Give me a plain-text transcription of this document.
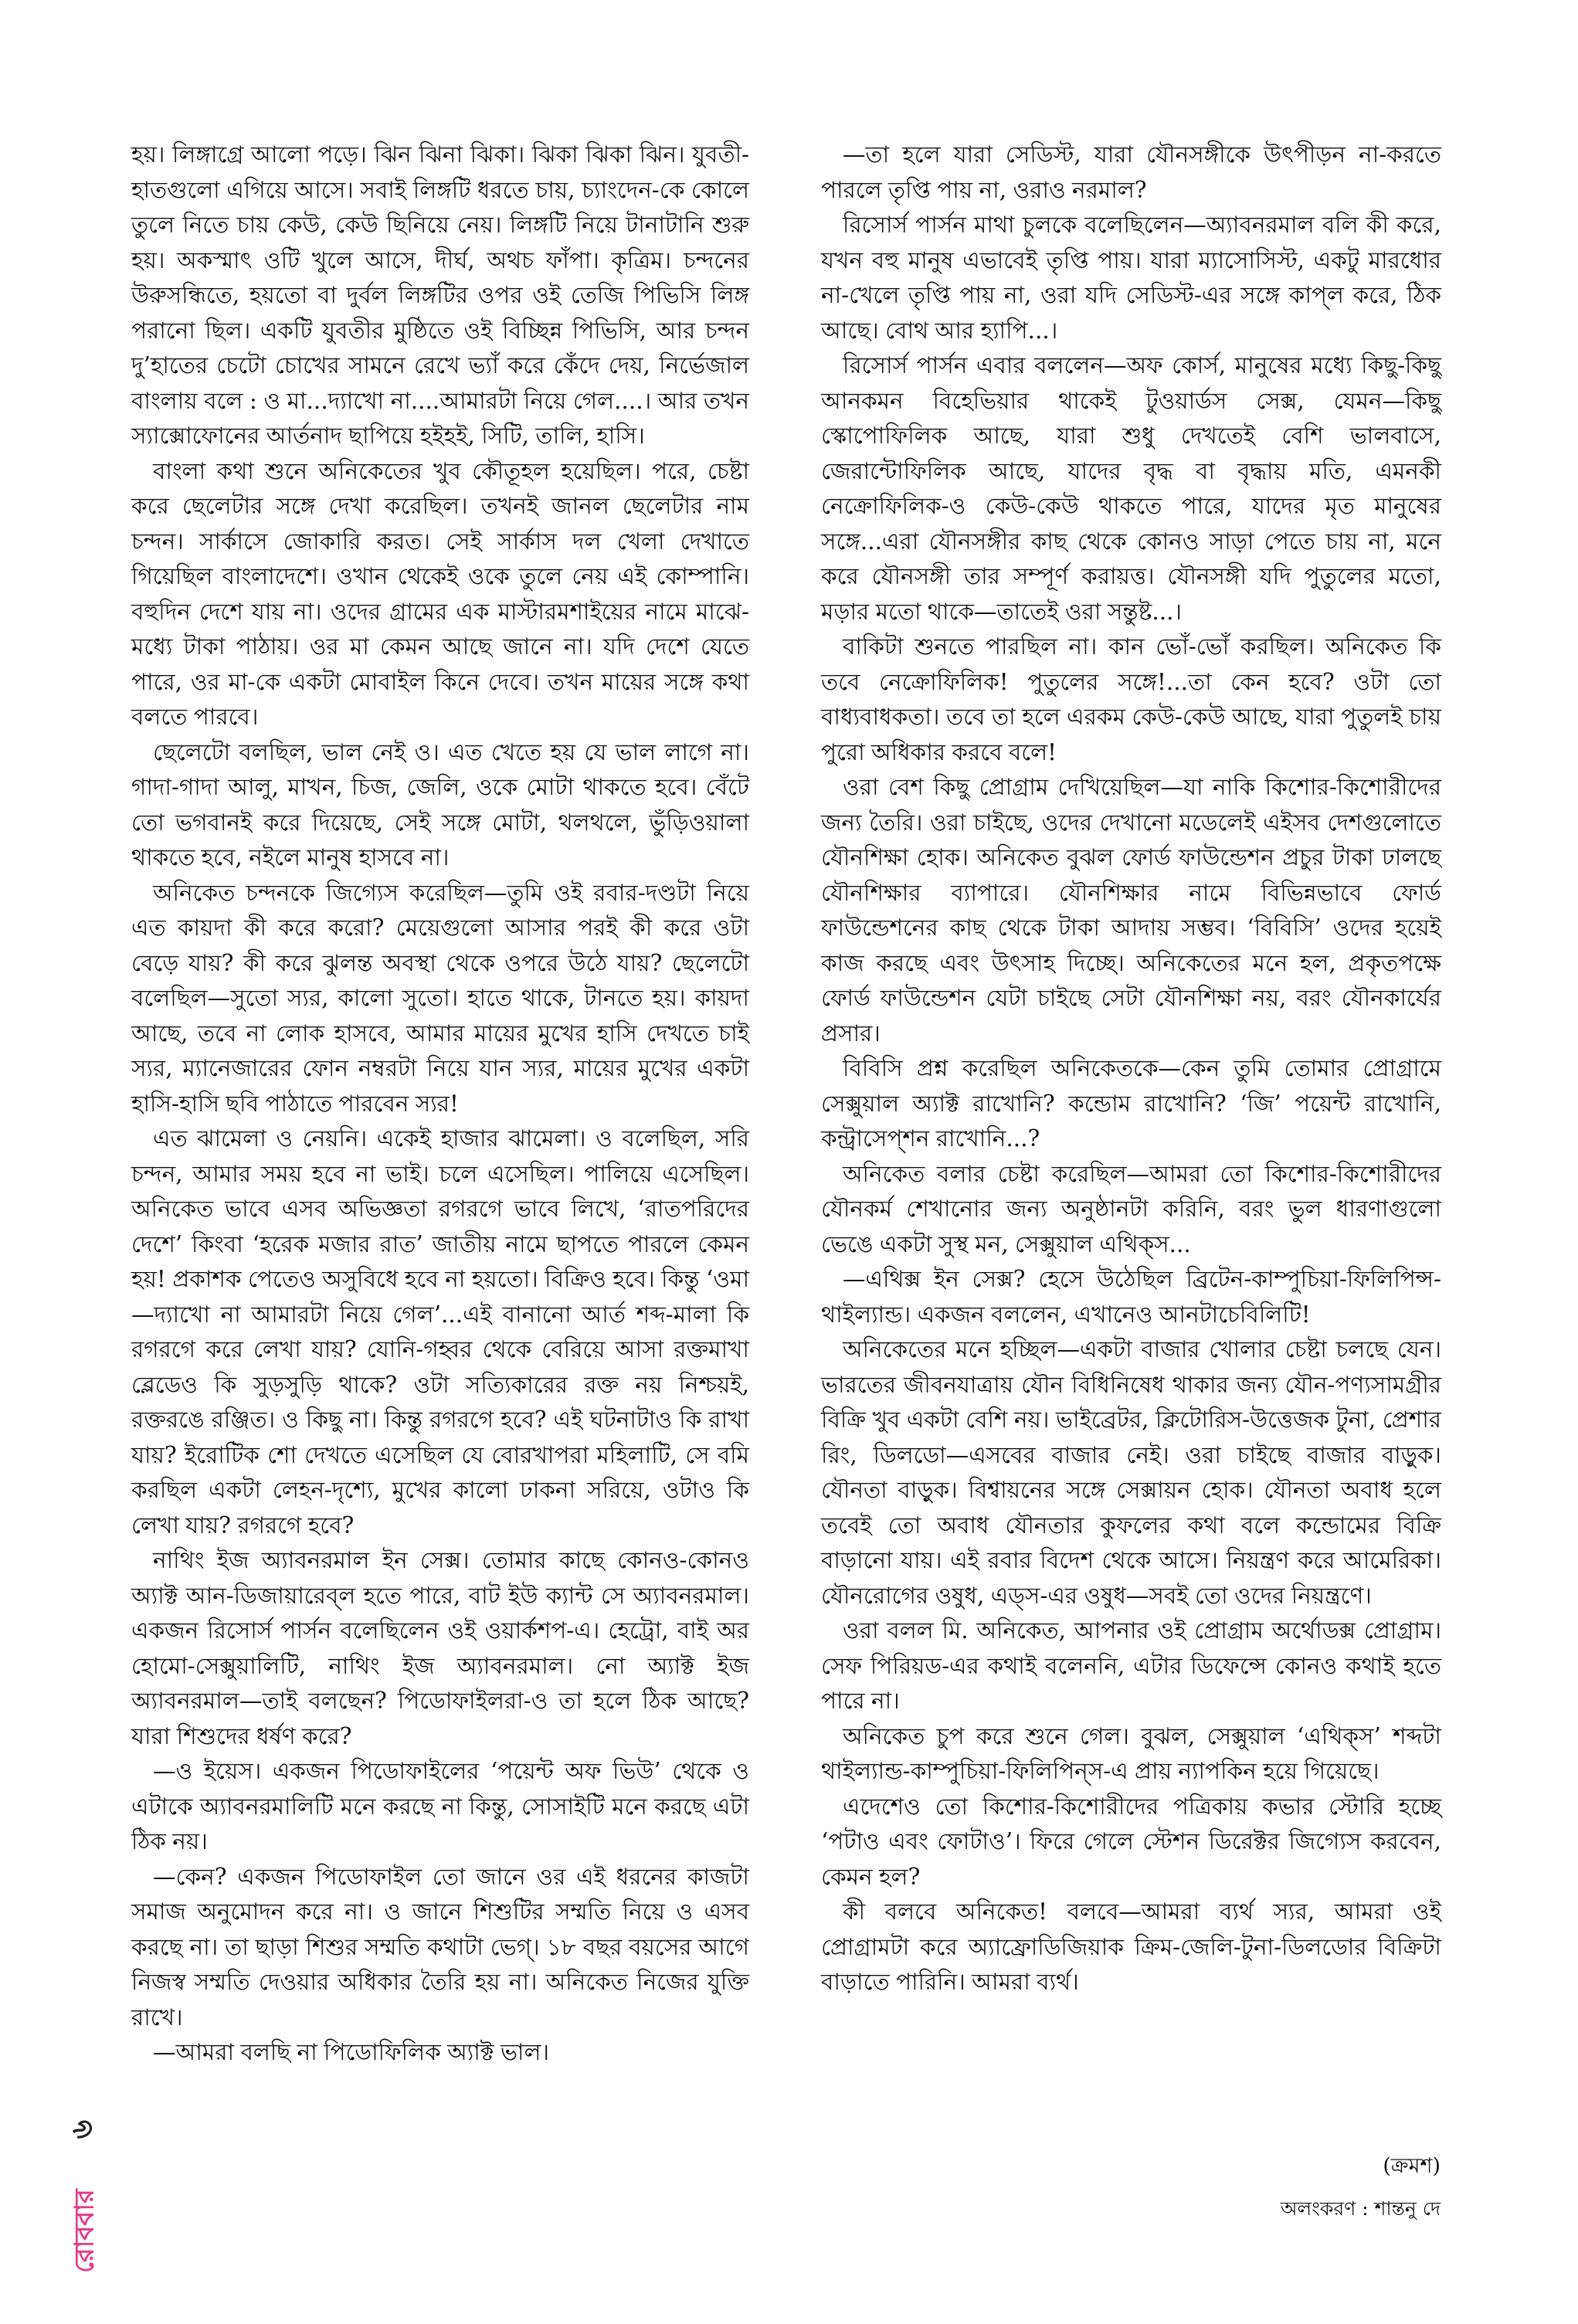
হয়। লিঙ্গাগ্রে আলো পড়ে। ঝিন ঝিনা ঝিকা। ঝিকা ঝিকা ঝিন। যুবতী-হাতগুলো এগিয়ে আসে। সবাই লিঙ্গটি ধরতে চায়, চ্যাংদেন-কে কোলে তুলে নিতে চায় কেউ, কেউ ছিনিয়ে নেয়। লিঙ্গটি নিয়ে টানাটানি শুরু হয়। অকস্মাৎ ওটি খুলে আসে, দীর্ঘ, অথচ ফাঁপা। কৃত্রিম। চন্দনের উরুসন্ধিতে, হয়তো বা দুর্বল লিঙ্গটির ওপর ওই তেজি পিভিসি লিঙ্গ পরানো ছিল। একটি যুবতীর মুষ্ঠিতে ওই বিচ্ছিন্ন পিভিসি, আর চন্দন দু’হাতের চেটো চোখের সামনে রেখে ভ্যাঁ করে কেঁদে দেয়, নির্ভেজাল বাংলায় বলে : ও মা...দ্যাখো না....আমারটা নিয়ে গেল....। আর তখন স্যাক্সোফোনের আর্তনাদ ছাপিয়ে হইহই, সিটি, তালি, হাসি।

বাংলা কথা শুনে অনিকেতের খুব কৌতূহল হয়েছিল। পরে, চেষ্টা করে ছেলেটার সঙ্গে দেখা করেছিল। তখনই জানল ছেলেটার নাম চন্দন। সার্কাসে জোকারি করত। সেই সার্কাস দল খেলা দেখাতে গিয়েছিল বাংলাদেশে। ওখান থেকেই ওকে তুলে নেয় এই কোম্পানি। বহুদিন দেশে যায় না। ওদের গ্রামের এক মাস্টারমশাইয়ের নামে মাঝে-মধ্যে টাকা পাঠায়। ওর মা কেমন আছে জানে না। যদি দেশে যেতে পারে, ওর মা-কে একটা মোবাইল কিনে দেবে। তখন মায়ের সঙ্গে কথা বলতে পারবে।

ছেলেটো বলছিল, ভাল নেই ও। এত খেতে হয় যে ভাল লাগে না। গাদা-গাদা আলু, মাখন, চিজ, জেলি, ওকে মোটা থাকতে হবে। বেঁটে তো ভগবানই করে দিয়েছে, সেই সঙ্গে মোটা, থলথলে, ভুঁড়িওয়ালা থাকতে হবে, নইলে মানুষ হাসবে না।

অনিকেত চন্দনকে জিগ্যেস করেছিল—তুমি ওই রবার-দণ্ডটা নিয়ে এত কায়দা কী করে করো? মেয়েগুলো আসার পরই কী করে ওটা বেড়ে যায়? কী করে ঝুলন্ত অবস্থা থেকে ওপরে উঠে যায়? ছেলেটো বলেছিল—সুতো স্যর, কালো সুতো। হাতে থাকে, টানতে হয়। কায়দা আছে, তবে না লোক হাসবে, আমার মায়ের মুখের হাসি দেখতে চাই স্যর, ম্যানেজারের ফোন নম্বরটা নিয়ে যান স্যর, মায়ের মুখের একটা হাসি-হাসি ছবি পাঠাতে পারবেন স্যর!

এত ঝামেলা ও নেয়নি। একেই হাজার ঝামেলা। ও বলেছিল, সরি চন্দন, আমার সময় হবে না ভাই। চলে এসেছিল। পালিয়ে এসেছিল। অনিকেত ভাবে এসব অভিজ্ঞতা রগরগে ভাবে লিখে, ‘রাতপরিদের দেশে’ কিংবা ‘হরেক মজার রাত’ জাতীয় নামে ছাপতে পারলে কেমন হয়! প্রকাশক পেতেও অসুবিধে হবে না হয়তো। বিক্রিও হবে। কিন্তু ‘ওমা—দ্যাখো না আমারটা নিয়ে গেল’...এই বানানো আর্ত শব্দ-মালা কি রগরগে করে লেখা যায়? যোনি-গহ্বর থেকে বেরিয়ে আসা রক্তমাখা ব্লেডেও কি সুড়সুড়ি থাকে? ওটা সত্যিকারের রক্ত নয় নিশ্চয়ই, রক্তরঙে রঞ্জিত। ও কিছু না। কিন্তু রগরগে হবে? এই ঘটনাটাও কি রাখা যায়? ইরোটিক শো দেখতে এসেছিল যে বোরখাপরা মহিলাটি, সে বমি করছিল একটা লেহন-দৃশ্যে, মুখের কালো ঢাকনা সরিয়ে, ওটাও কি লেখা যায়? রগরগে হবে?

নাথিং ইজ অ্যাবনরমাল ইন সেক্স। তোমার কাছে কোনও-কোনও অ্যাক্ট আন-ডিজায়ারেব্‌ল হতে পারে, বাট ইউ ক্যান্ট সে অ্যাবনরমাল। একজন রিসোর্স পার্সন বলেছিলেন ওই ওয়ার্কশপ-এ। হেট্রো, বাই অর হোমো-সেক্সুয়ালিটি, নাথিং ইজ অ্যাবনরমাল। নো অ্যাক্ট ইজ অ্যাবনরমাল—তাই বলছেন? পিডোফাইলরা-ও তা হলে ঠিক আছে? যারা শিশুদের ধর্ষণ করে?

—ও ইয়েস। একজন পিডোফাইলের ‘পয়েন্ট অফ ভিউ’ থেকে ও এটাকে অ্যাবনরমালিটি মনে করছে না কিন্তু, সোসাইটি মনে করছে এটা ঠিক নয়।

—কেন? একজন পিডোফাইল তো জানে ওর এই ধরনের কাজটা সমাজ অনুমোদন করে না। ও জানে শিশুটির সম্মতি নিয়ে ও এসব করছে না। তা ছাড়া শিশুর সম্মতি কথাটা ভেগ্‌। ১৮ বছর বয়সের আগে নিজস্ব সম্মতি দেওয়ার অধিকার তৈরি হয় না। অনিকেত নিজের যুক্তি রাখে।

—আমরা বলছি না পিডোফিলিক অ্যাক্ট ভাল।

—তা হলে যারা সেডিস্ট, যারা যৌনসঙ্গীকে উৎপীড়ন না-করতে পারলে তৃপ্তি পায় না, ওরাও নরমাল?

রিসোর্স পার্সন মাথা চুলকে বলেছিলেন—অ্যাবনরমাল বলি কী করে, যখন বহু মানুষ এভাবেই তৃপ্তি পায়। যারা ম্যাসোসিস্ট, একটু মারধোর না-খেলে তৃপ্তি পায় না, ওরা যদি সেডিস্ট-এর সঙ্গে কাপ্‌ল করে, ঠিক আছে। বোথ আর হ্যাপি...।

রিসোর্স পার্সন এবার বললেন—অফ কোর্স, মানুষের মধ্যে কিছু-কিছু আনকমন বিহেভিয়ার থাকেই টুওয়ার্ডস সেক্স, যেমন—কিছু স্কোপোফিলিক আছে, যারা শুধু দেখতেই বেশি ভালবাসে, জেরান্টোফিলিক আছে, যাদের বৃদ্ধ বা বৃদ্ধায় মতি, এমনকী নেক্রোফিলিক-ও কেউ-কেউ থাকতে পারে, যাদের মৃত মানুষের সঙ্গে...এরা যৌনসঙ্গীর কাছ থেকে কোনও সাড়া পেতে চায় না, মনে করে যৌনসঙ্গী তার সম্পূর্ণ করায়ত্ত। যৌনসঙ্গী যদি পুতুলের মতো, মড়ার মতো থাকে—তাতেই ওরা সন্তুষ্ট...।

বাকিটা শুনতে পারছিল না। কান ভোঁ-ভোঁ করছিল। অনিকেত কি তবে নেক্রোফিলিক! পুতুলের সঙ্গে!...তা কেন হবে? ওটা তো বাধ্যবাধকতা। তবে তা হলে এরকম কেউ-কেউ আছে, যারা পুতুলই চায় পুরো অধিকার করবে বলে!

ওরা বেশ কিছু প্রোগ্রাম দেখিয়েছিল—যা নাকি কিশোর-কিশোরীদের জন্য তৈরি। ওরা চাইছে, ওদের দেখানো মডেলেই এইসব দেশগুলোতে যৌনশিক্ষা হোক। অনিকেত বুঝল ফোর্ড ফাউন্ডেশন প্রচুর টাকা ঢালছে যৌনশিক্ষার ব্যাপারে। যৌনশিক্ষার নামে বিভিন্নভাবে ফোর্ড ফাউন্ডেশনের কাছ থেকে টাকা আদায় সম্ভব। ‘বিবিসি’ ওদের হয়েই কাজ করছে এবং উৎসাহ দিচ্ছে। অনিকেতের মনে হল, প্রকৃতপক্ষে ফোর্ড ফাউন্ডেশন যেটা চাইছে সেটা যৌনশিক্ষা নয়, বরং যৌনকার্যের প্রসার।

বিবিসি প্রশ্ন করেছিল অনিকেতকে—কেন তুমি তোমার প্রোগ্রামে সেক্সুয়াল অ্যাক্ট রাখোনি? কন্ডোম রাখোনি? ‘জি’ পয়েন্ট রাখোনি, কন্ট্রাসেপ্‌শন রাখোনি...?

অনিকেত বলার চেষ্টা করেছিল—আমরা তো কিশোর-কিশোরীদের যৌনকর্ম শেখানোর জন্য অনুষ্ঠানটা করিনি, বরং ভুল ধারণাগুলো ভেঙে একটা সুস্থ মন, সেক্সুয়াল এথিক্‌স...

—এথিক্স ইন সেক্স? হেসে উঠেছিল ব্রিটেন-কাম্পুচিয়া-ফিলিপিন্স-থাইল্যান্ড। একজন বললেন, এখানেও আনটাচেবিলিটি!

অনিকেতের মনে হচ্ছিল—একটা বাজার খোলার চেষ্টা চলছে যেন। ভারতের জীবনযাত্রায় যৌন বিধিনিষেধ থাকার জন্য যৌন-পণ্যসামগ্রীর বিক্রি খুব একটা বেশি নয়। ভাইব্রেটর, ক্লিটোরিস-উত্তেজক টুনা, প্রেশার রিং, ডিলডো—এসবের বাজার নেই। ওরা চাইছে বাজার বাড়ুক। যৌনতা বাড়ুক। বিশ্বায়নের সঙ্গে সেক্সায়ন হোক। যৌনতা অবাধ হলে তবেই তো অবাধ যৌনতার কুফলের কথা বলে কন্ডোমের বিক্রি বাড়ানো যায়। এই রবার বিদেশ থেকে আসে। নিয়ন্ত্রণ করে আমেরিকা। যৌনরোগের ওষুধ, এড্‌স-এর ওষুধ—সবই তো ওদের নিয়ন্ত্রণে।

ওরা বলল মি. অনিকেত, আপনার ওই প্রোগ্রাম অর্থোডক্স প্রোগ্রাম। সেফ পিরিয়ড-এর কথাই বলেননি, এটার ডিফেন্সে কোনও কথাই হতে পারে না।

অনিকেত চুপ করে শুনে গেল। বুঝল, সেক্সুয়াল ‘এথিক্‌স’ শব্দটা থাইল্যান্ড-কাম্পুচিয়া-ফিলিপিন্‌স-এ প্রায় ন্যাপকিন হয়ে গিয়েছে।

এদেশেও তো কিশোর-কিশোরীদের পত্রিকায় কভার স্টোরি হচ্ছে ‘পটাও এবং ফোটাও’। ফিরে গেলে স্টেশন ডিরেক্টর জিগ্যেস করবেন, কেমন হল?

কী বলবে অনিকেত! বলবে—আমরা ব্যর্থ স্যর, আমরা ওই প্রোগ্রামটা করে অ্যাফ্রোডিজিয়াক ক্রিম-জেলি-টুনা-ডিলডোর বিক্রিটা বাড়াতে পারিনি। আমরা ব্যর্থ।

(ক্রমশ)
অলংকরণ : শান্তনু দে
৬
রোববার
